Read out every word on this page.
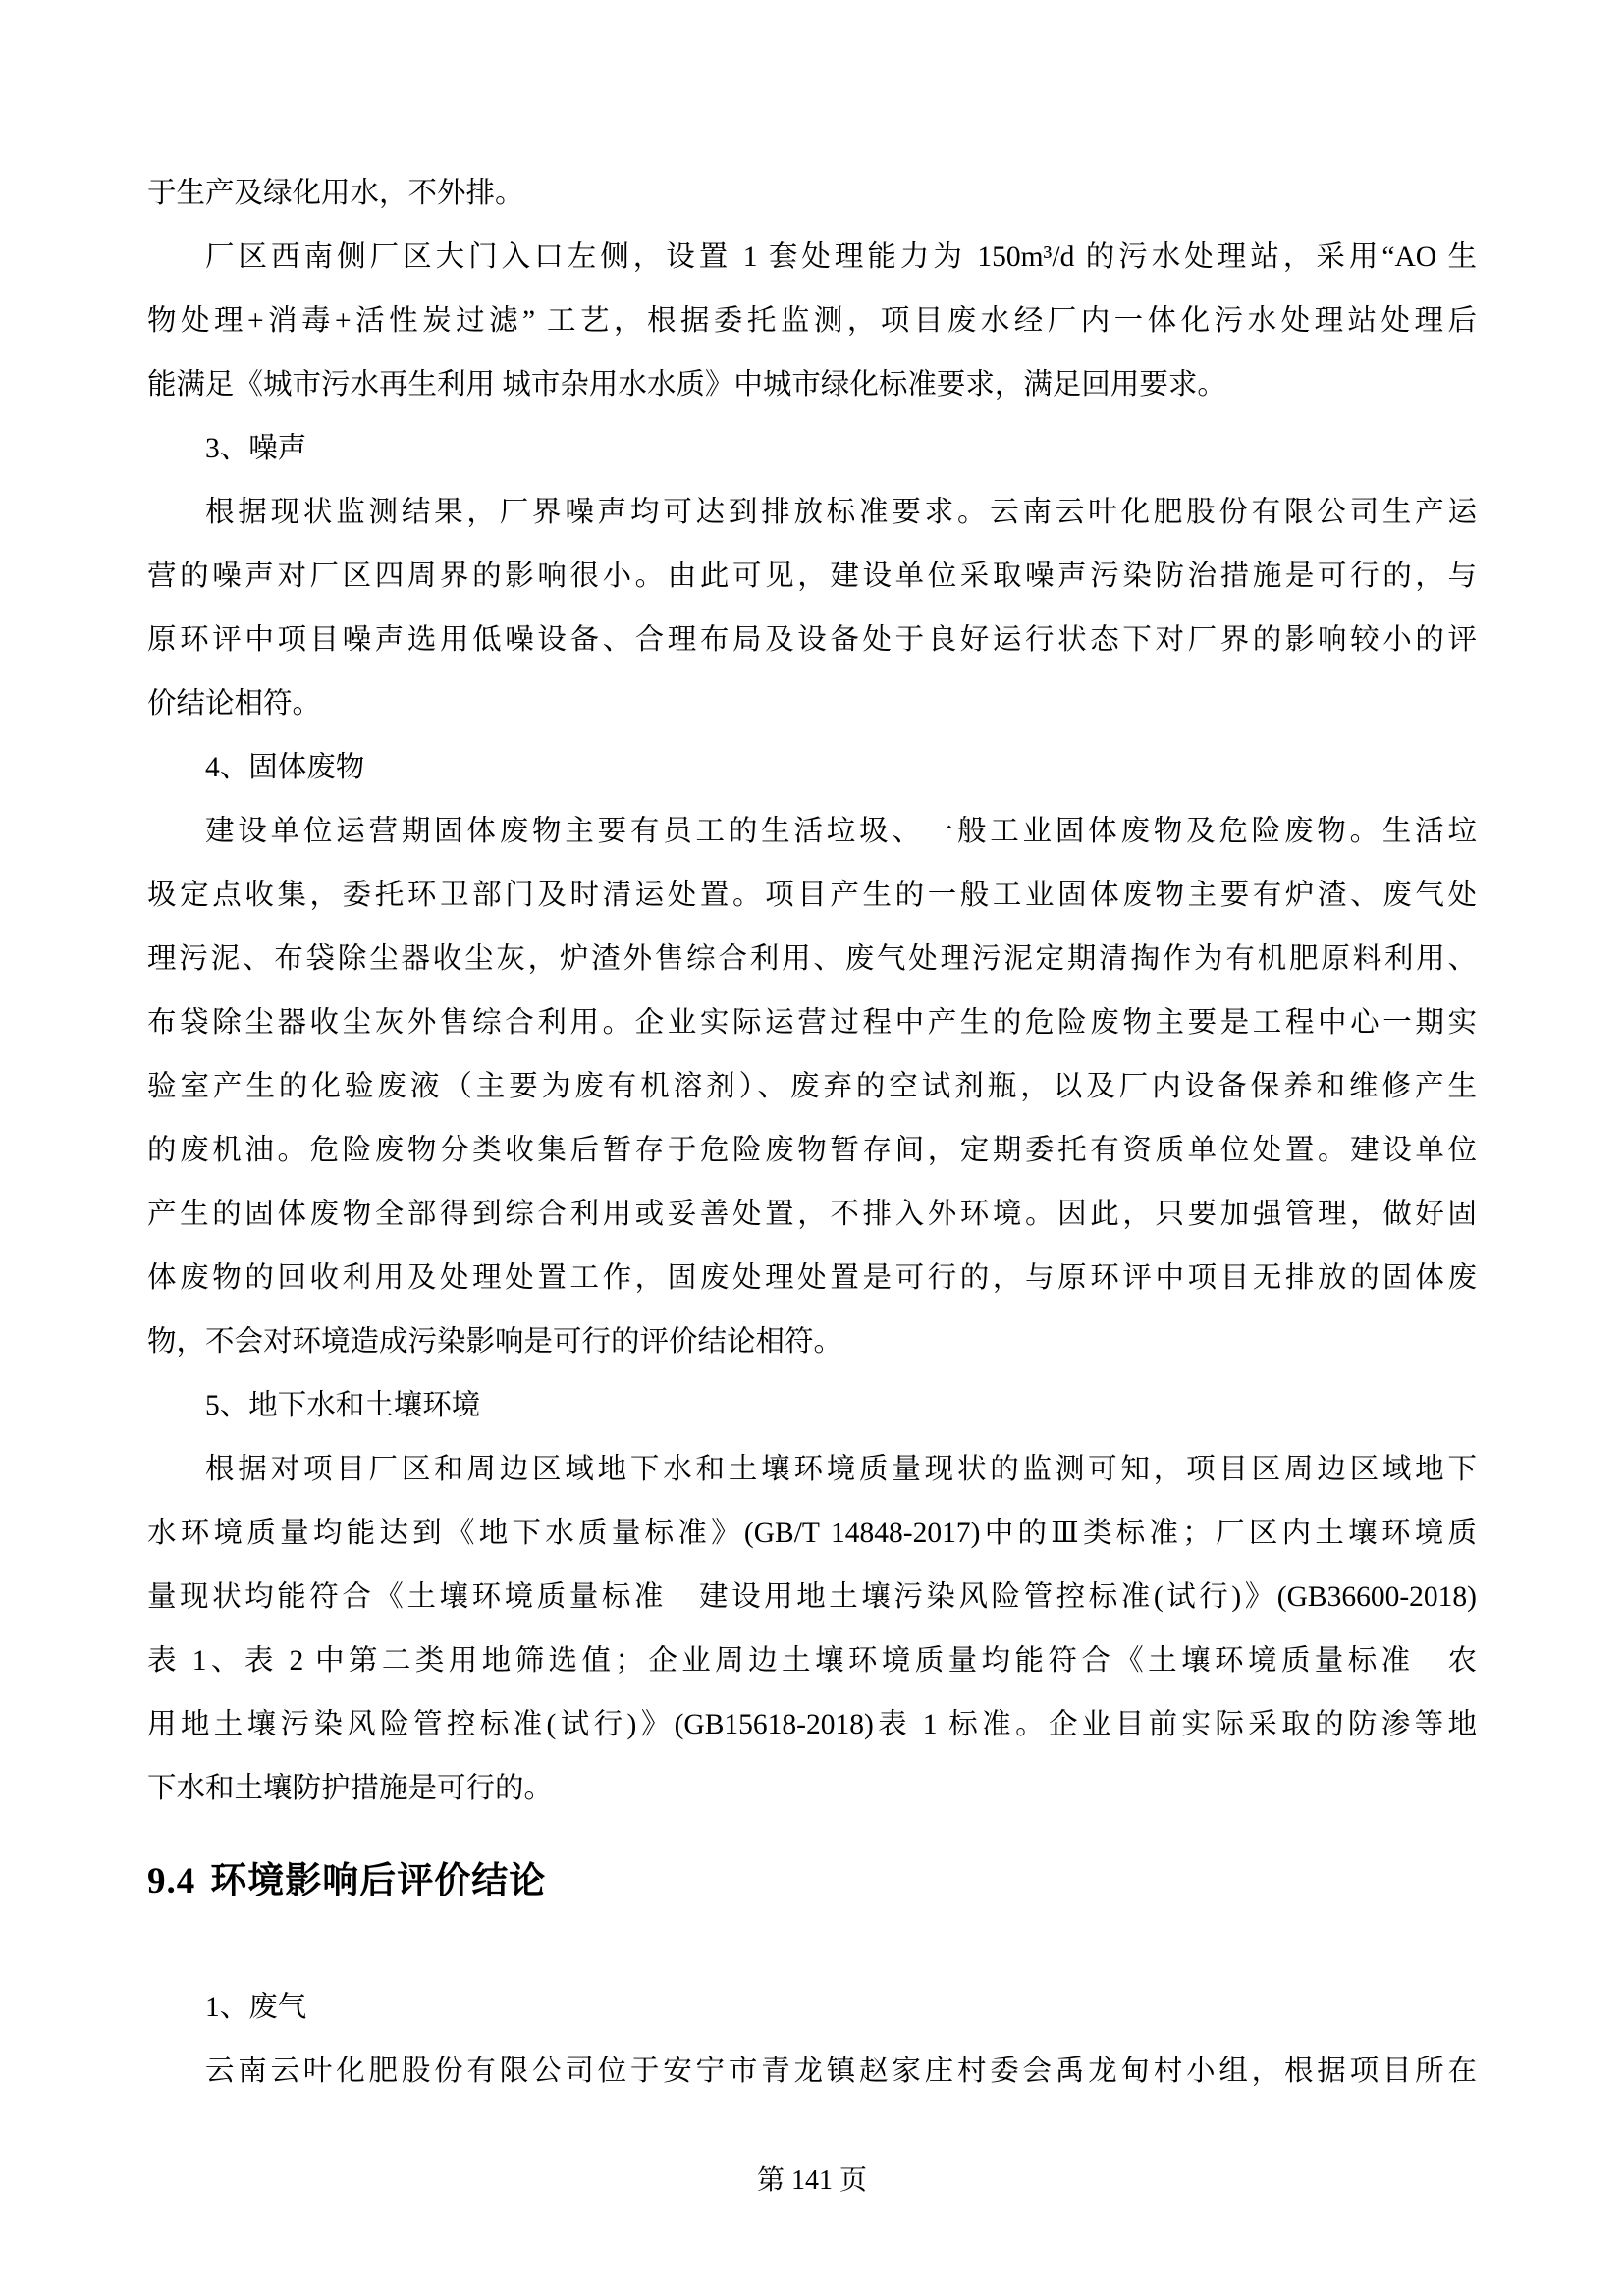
于生产及绿化用水，不外排。
厂区西南侧厂区大门入口左侧，设置 1 套处理能力为 150m³/d 的污水处理站，采用“AO 生
物处理+消毒+活性炭过滤” 工艺，根据委托监测，项目废水经厂内一体化污水处理站处理后
能满足《城市污水再生利用 城市杂用水水质》中城市绿化标准要求，满足回用要求。
3、噪声
根据现状监测结果，厂界噪声均可达到排放标准要求。云南云叶化肥股份有限公司生产运
营的噪声对厂区四周界的影响很小。由此可见，建设单位采取噪声污染防治措施是可行的，与
原环评中项目噪声选用低噪设备、合理布局及设备处于良好运行状态下对厂界的影响较小的评
价结论相符。
4、固体废物
建设单位运营期固体废物主要有员工的生活垃圾、一般工业固体废物及危险废物。生活垃
圾定点收集，委托环卫部门及时清运处置。项目产生的一般工业固体废物主要有炉渣、废气处
理污泥、布袋除尘器收尘灰，炉渣外售综合利用、废气处理污泥定期清掏作为有机肥原料利用、
布袋除尘器收尘灰外售综合利用。企业实际运营过程中产生的危险废物主要是工程中心一期实
验室产生的化验废液（主要为废有机溶剂）、废弃的空试剂瓶，以及厂内设备保养和维修产生
的废机油。危险废物分类收集后暂存于危险废物暂存间，定期委托有资质单位处置。建设单位
产生的固体废物全部得到综合利用或妥善处置，不排入外环境。因此，只要加强管理，做好固
体废物的回收利用及处理处置工作，固废处理处置是可行的，与原环评中项目无排放的固体废
物，不会对环境造成污染影响是可行的评价结论相符。
5、地下水和土壤环境
根据对项目厂区和周边区域地下水和土壤环境质量现状的监测可知，项目区周边区域地下
水环境质量均能达到《地下水质量标准》(GB/T 14848-2017)中的Ⅲ类标准；厂区内土壤环境质
量现状均能符合《土壤环境质量标准　建设用地土壤污染风险管控标准(试行)》(GB36600-2018)
表 1、表 2 中第二类用地筛选值；企业周边土壤环境质量均能符合《土壤环境质量标准　农
用地土壤污染风险管控标准(试行)》(GB15618-2018)表 1 标准。企业目前实际采取的防渗等地
下水和土壤防护措施是可行的。
9.4 环境影响后评价结论
1、废气
云南云叶化肥股份有限公司位于安宁市青龙镇赵家庄村委会禹龙甸村小组，根据项目所在
第 141 页
